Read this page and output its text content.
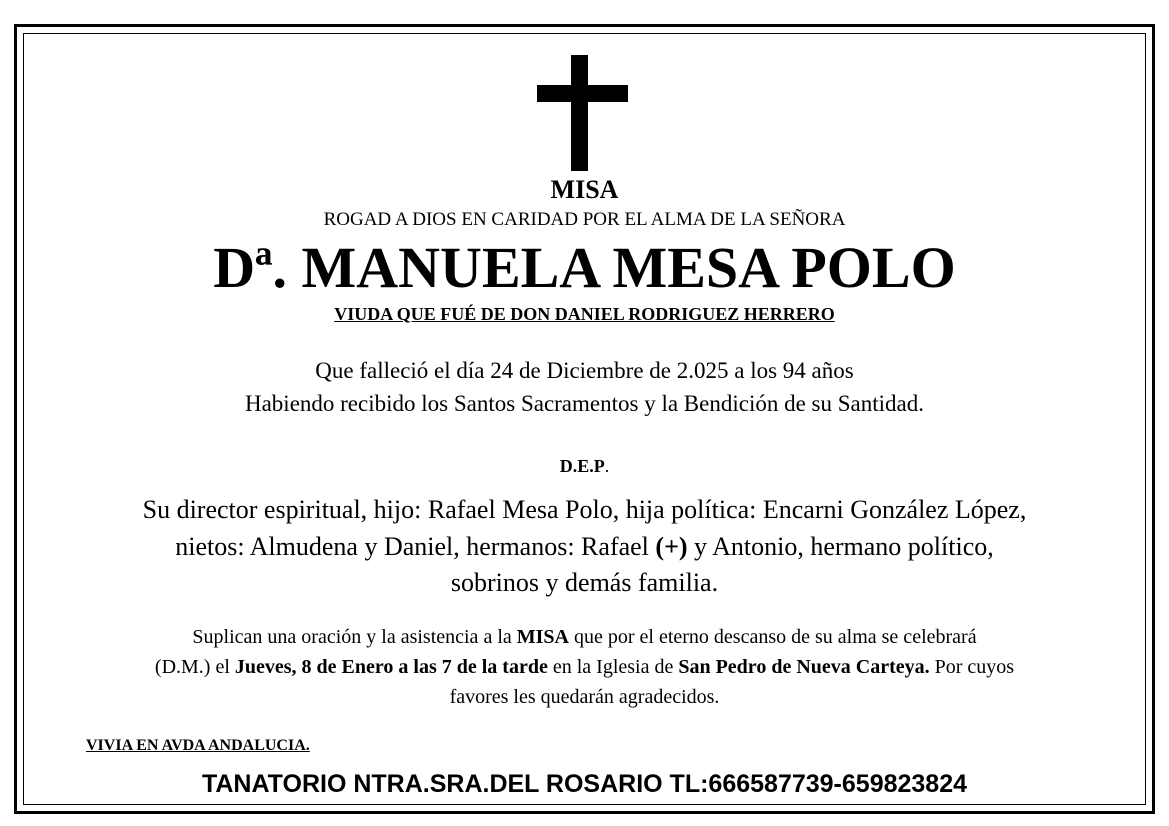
MISA
ROGAD A DIOS EN CARIDAD POR EL ALMA DE LA SEÑORA
Dª. MANUELA MESA POLO
VIUDA QUE FUÉ DE DON DANIEL RODRIGUEZ HERRERO
Que falleció el día 24 de Diciembre de 2.025 a los 94 años
Habiendo recibido los Santos Sacramentos y la Bendición de su Santidad.
D.E.P.
Su director espiritual, hijo: Rafael Mesa Polo, hija política: Encarni González López,
nietos: Almudena y Daniel, hermanos: Rafael (+) y Antonio, hermano político,
sobrinos y demás familia.
Suplican una oración y la asistencia a la MISA que por el eterno descanso de su alma se celebrará
(D.M.) el Jueves, 8 de Enero a las 7 de la tarde en la Iglesia de San Pedro de Nueva Carteya. Por cuyos
favores les quedarán agradecidos.
VIVIA EN AVDA ANDALUCIA.
TANATORIO NTRA.SRA.DEL ROSARIO TL:666587739-659823824
